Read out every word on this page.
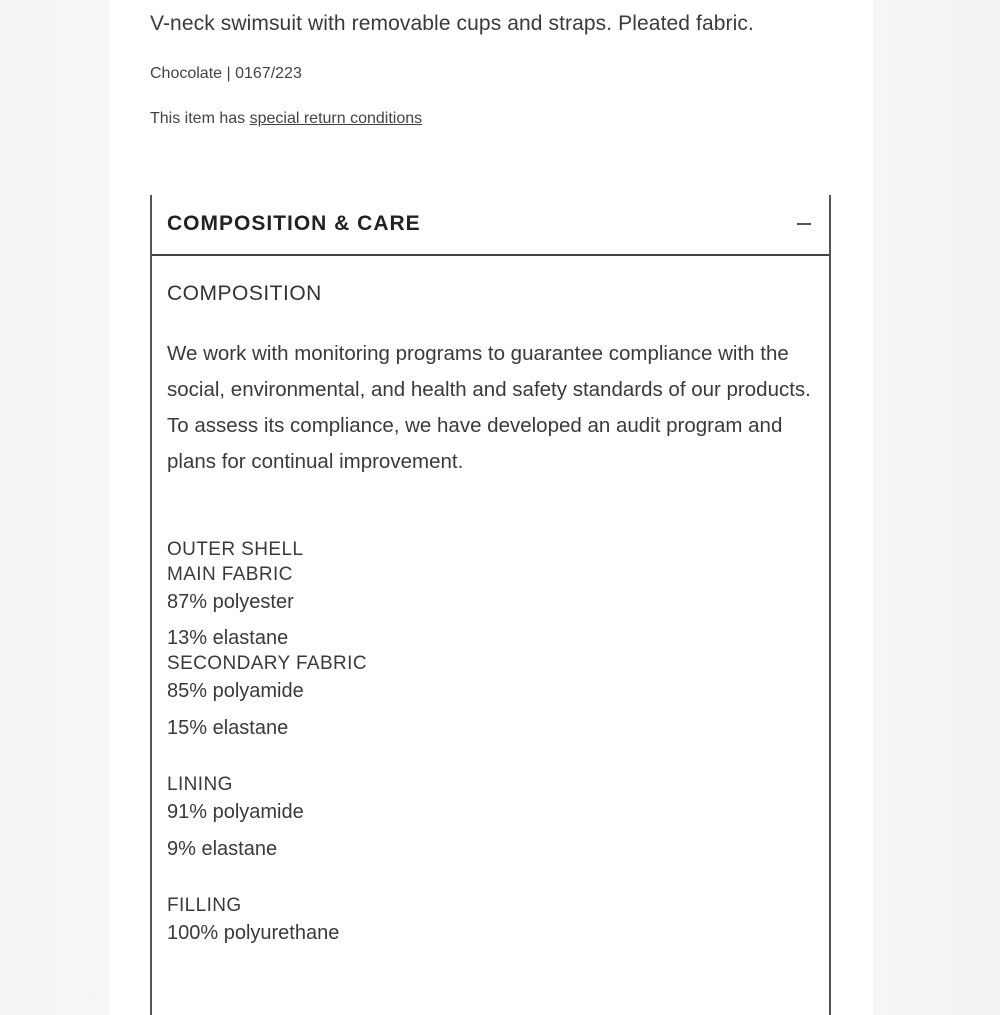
V-neck swimsuit with removable cups and straps. Pleated fabric.
Chocolate | 0167/223
This item has special return conditions
COMPOSITION & CARE
COMPOSITION
We work with monitoring programs to guarantee compliance with the social, environmental, and health and safety standards of our products. To assess its compliance, we have developed an audit program and plans for continual improvement.
OUTER SHELL
MAIN FABRIC
87% polyester
13% elastane
SECONDARY FABRIC
85% polyamide
15% elastane
LINING
91% polyamide
9% elastane
FILLING
100% polyurethane
